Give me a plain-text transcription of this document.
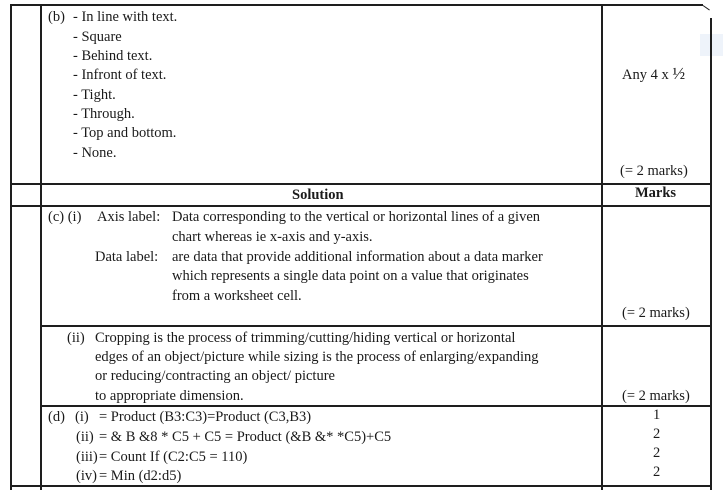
(b) - In line with text.
- Square
- Behind text.
- Infront of text.
- Tight.
- Through.
- Top and bottom.
- None.
Any 4 x ½
(= 2 marks)
Solution	Marks
(c) (i) Axis label: Data corresponding to the vertical or horizontal lines of a given
chart whereas ie x-axis and y-axis.
Data label: are data that provide additional information about a data marker
which represents a single data point on a value that originates
from a worksheet cell.
(= 2 marks)
(ii) Cropping is the process of trimming/cutting/hiding vertical or horizontal
edges of an object/picture while sizing is the process of enlarging/expanding
or reducing/contracting an object/ picture
to appropriate dimension.	(= 2 marks)
(d) (i) = Product (B3:C3)=Product (C3,B3)	1
(ii) = & B &8 * C5 + C5 = Product (&B &* *C5)+C5	2
(iii) = Count If (C2:C5 = 110)	2
(iv) = Min (d2:d5)	2
